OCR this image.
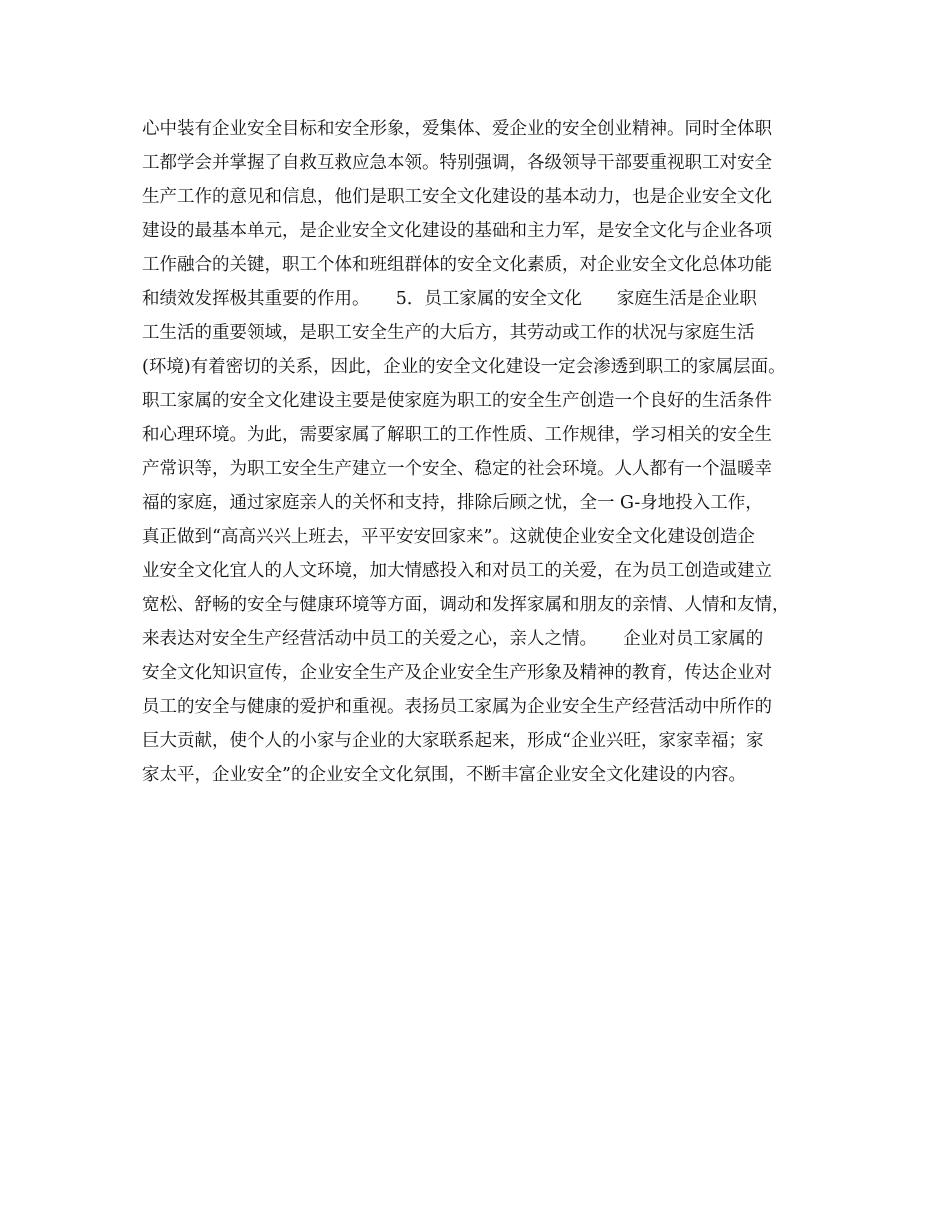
心中装有企业安全目标和安全形象，爱集体、爱企业的安全创业精神。同时全体职
工都学会并掌握了自救互救应急本领。特别强调，各级领导干部要重视职工对安全
生产工作的意见和信息，他们是职工安全文化建设的基本动力，也是企业安全文化
建设的最基本单元，是企业安全文化建设的基础和主力军，是安全文化与企业各项
工作融合的关键，职工个体和班组群体的安全文化素质，对企业安全文化总体功能
和绩效发挥极其重要的作用。　　5．员工家属的安全文化　　家庭生活是企业职
工生活的重要领域，是职工安全生产的大后方，其劳动或工作的状况与家庭生活
(环境)有着密切的关系，因此，企业的安全文化建设一定会渗透到职工的家属层面。
职工家属的安全文化建设主要是使家庭为职工的安全生产创造一个良好的生活条件
和心理环境。为此，需要家属了解职工的工作性质、工作规律，学习相关的安全生
产常识等，为职工安全生产建立一个安全、稳定的社会环境。人人都有一个温暖幸
福的家庭，通过家庭亲人的关怀和支持，排除后顾之忧，全一 G-身地投入工作，
真正做到“高高兴兴上班去，平平安安回家来”。这就使企业安全文化建设创造企
业安全文化宜人的人文环境，加大情感投入和对员工的关爱，在为员工创造或建立
宽松、舒畅的安全与健康环境等方面，调动和发挥家属和朋友的亲情、人情和友情，
来表达对安全生产经营活动中员工的关爱之心，亲人之情。　　企业对员工家属的
安全文化知识宣传，企业安全生产及企业安全生产形象及精神的教育，传达企业对
员工的安全与健康的爱护和重视。表扬员工家属为企业安全生产经营活动中所作的
巨大贡献，使个人的小家与企业的大家联系起来，形成“企业兴旺，家家幸福；家
家太平，企业安全”的企业安全文化氛围，不断丰富企业安全文化建设的内容。
